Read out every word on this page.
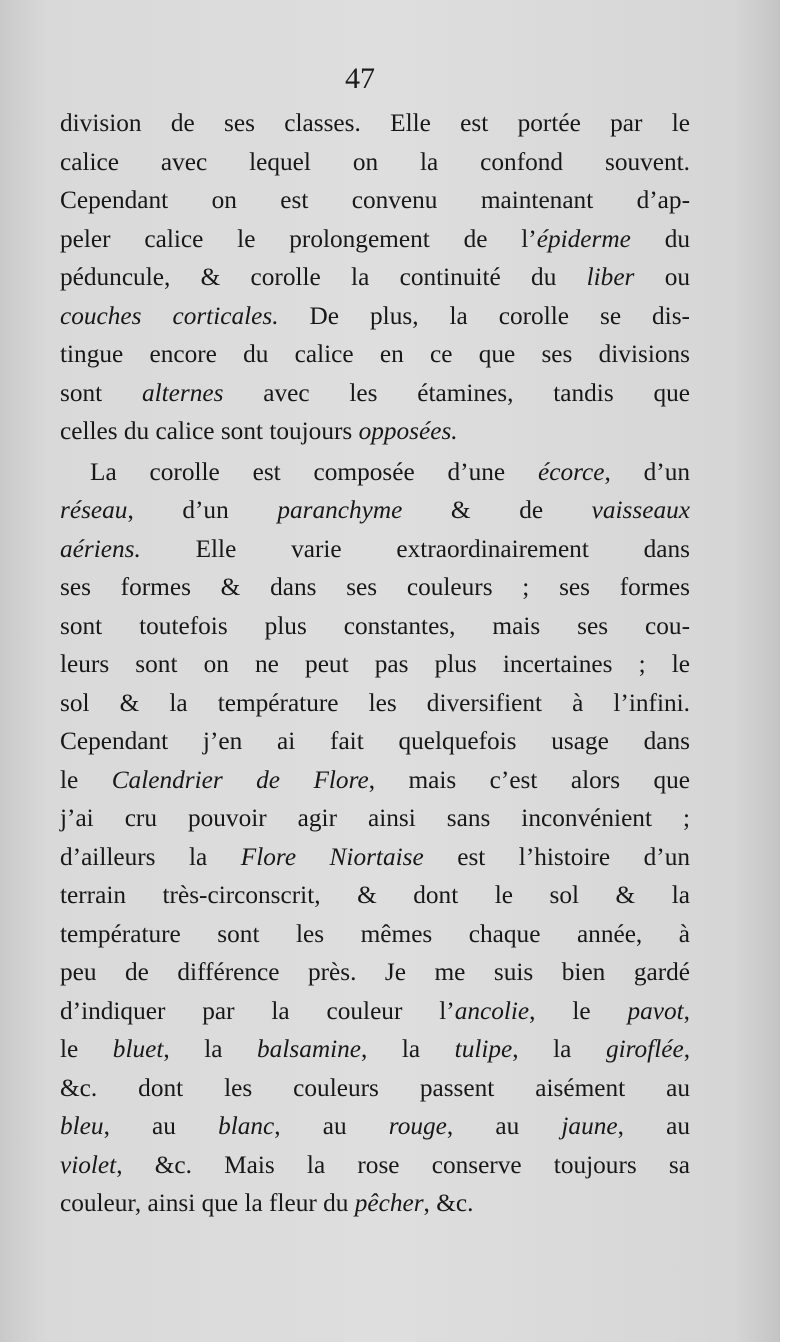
47
division de ses classes. Elle est portée par le
calice avec lequel on la confond souvent.
Cependant on est convenu maintenant d’ap-
peler calice le prolongement de l’épiderme du
péduncule, & corolle la continuité du liber ou
couches corticales. De plus, la corolle se dis-
tingue encore du calice en ce que ses divisions
sont alternes avec les étamines, tandis que
celles du calice sont toujours opposées.
La corolle est composée d’une écorce, d’un
réseau, d’un paranchyme & de vaisseaux
aériens. Elle varie extraordinairement dans
ses formes & dans ses couleurs ; ses formes
sont toutefois plus constantes, mais ses cou-
leurs sont on ne peut pas plus incertaines ; le
sol & la température les diversifient à l’infini.
Cependant j’en ai fait quelquefois usage dans
le Calendrier de Flore, mais c’est alors que
j’ai cru pouvoir agir ainsi sans inconvénient ;
d’ailleurs la Flore Niortaise est l’histoire d’un
terrain très-circonscrit, & dont le sol & la
température sont les mêmes chaque année, à
peu de différence près. Je me suis bien gardé
d’indiquer par la couleur l’ancolie, le pavot,
le bluet, la balsamine, la tulipe, la giroflée,
&c. dont les couleurs passent aisément au
bleu, au blanc, au rouge, au jaune, au
violet, &c. Mais la rose conserve toujours sa
couleur, ainsi que la fleur du pêcher, &c.
